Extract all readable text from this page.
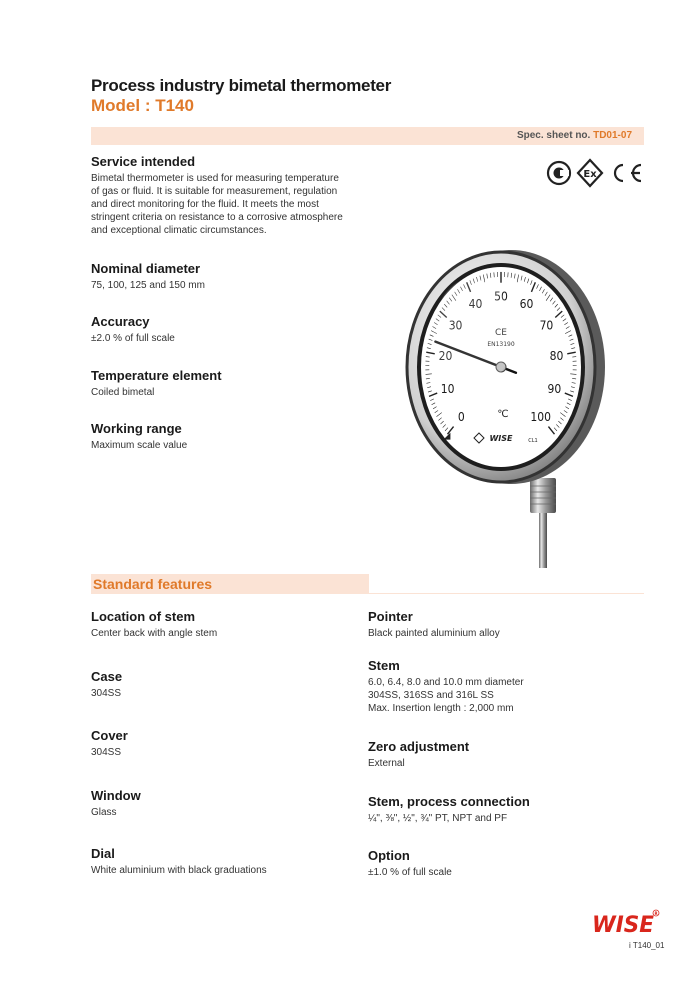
Process industry bimetal thermometer
Model : T140
Spec. sheet no. TD01-07
Ex
Service intended

Bimetal thermometer is used for measuring temperature
of gas or fluid. It is suitable for measurement, regulation
and direct monitoring for the fluid. It meets the most
stringent criteria on resistance to a corrosive atmosphere
and exceptional climatic circumstances.

Nominal diameter

75, 100, 125 and 150 mm

Accuracy

±2.0 % of full scale

Temperature element

Coiled bimetal

Working range

Maximum scale value

0
10
20
30
40
50
60
70
80
90
100
CE
EN13190
℃
WISE	CL1
Standard features
Location of stem

Center back with angle stem

Case

304SS

Cover

304SS

Window

Glass

Dial

White aluminium with black graduations

Pointer

Black painted aluminium alloy

Stem

6.0, 6.4, 8.0 and 10.0 mm diameter
304SS, 316SS and 316L SS
Max. Insertion length : 2,000 mm

Zero adjustment

External

Stem, process connection

¼", ⅜", ½", ¾" PT, NPT and PF

Option

±1.0 % of full scale

WISE R
i T140_01
